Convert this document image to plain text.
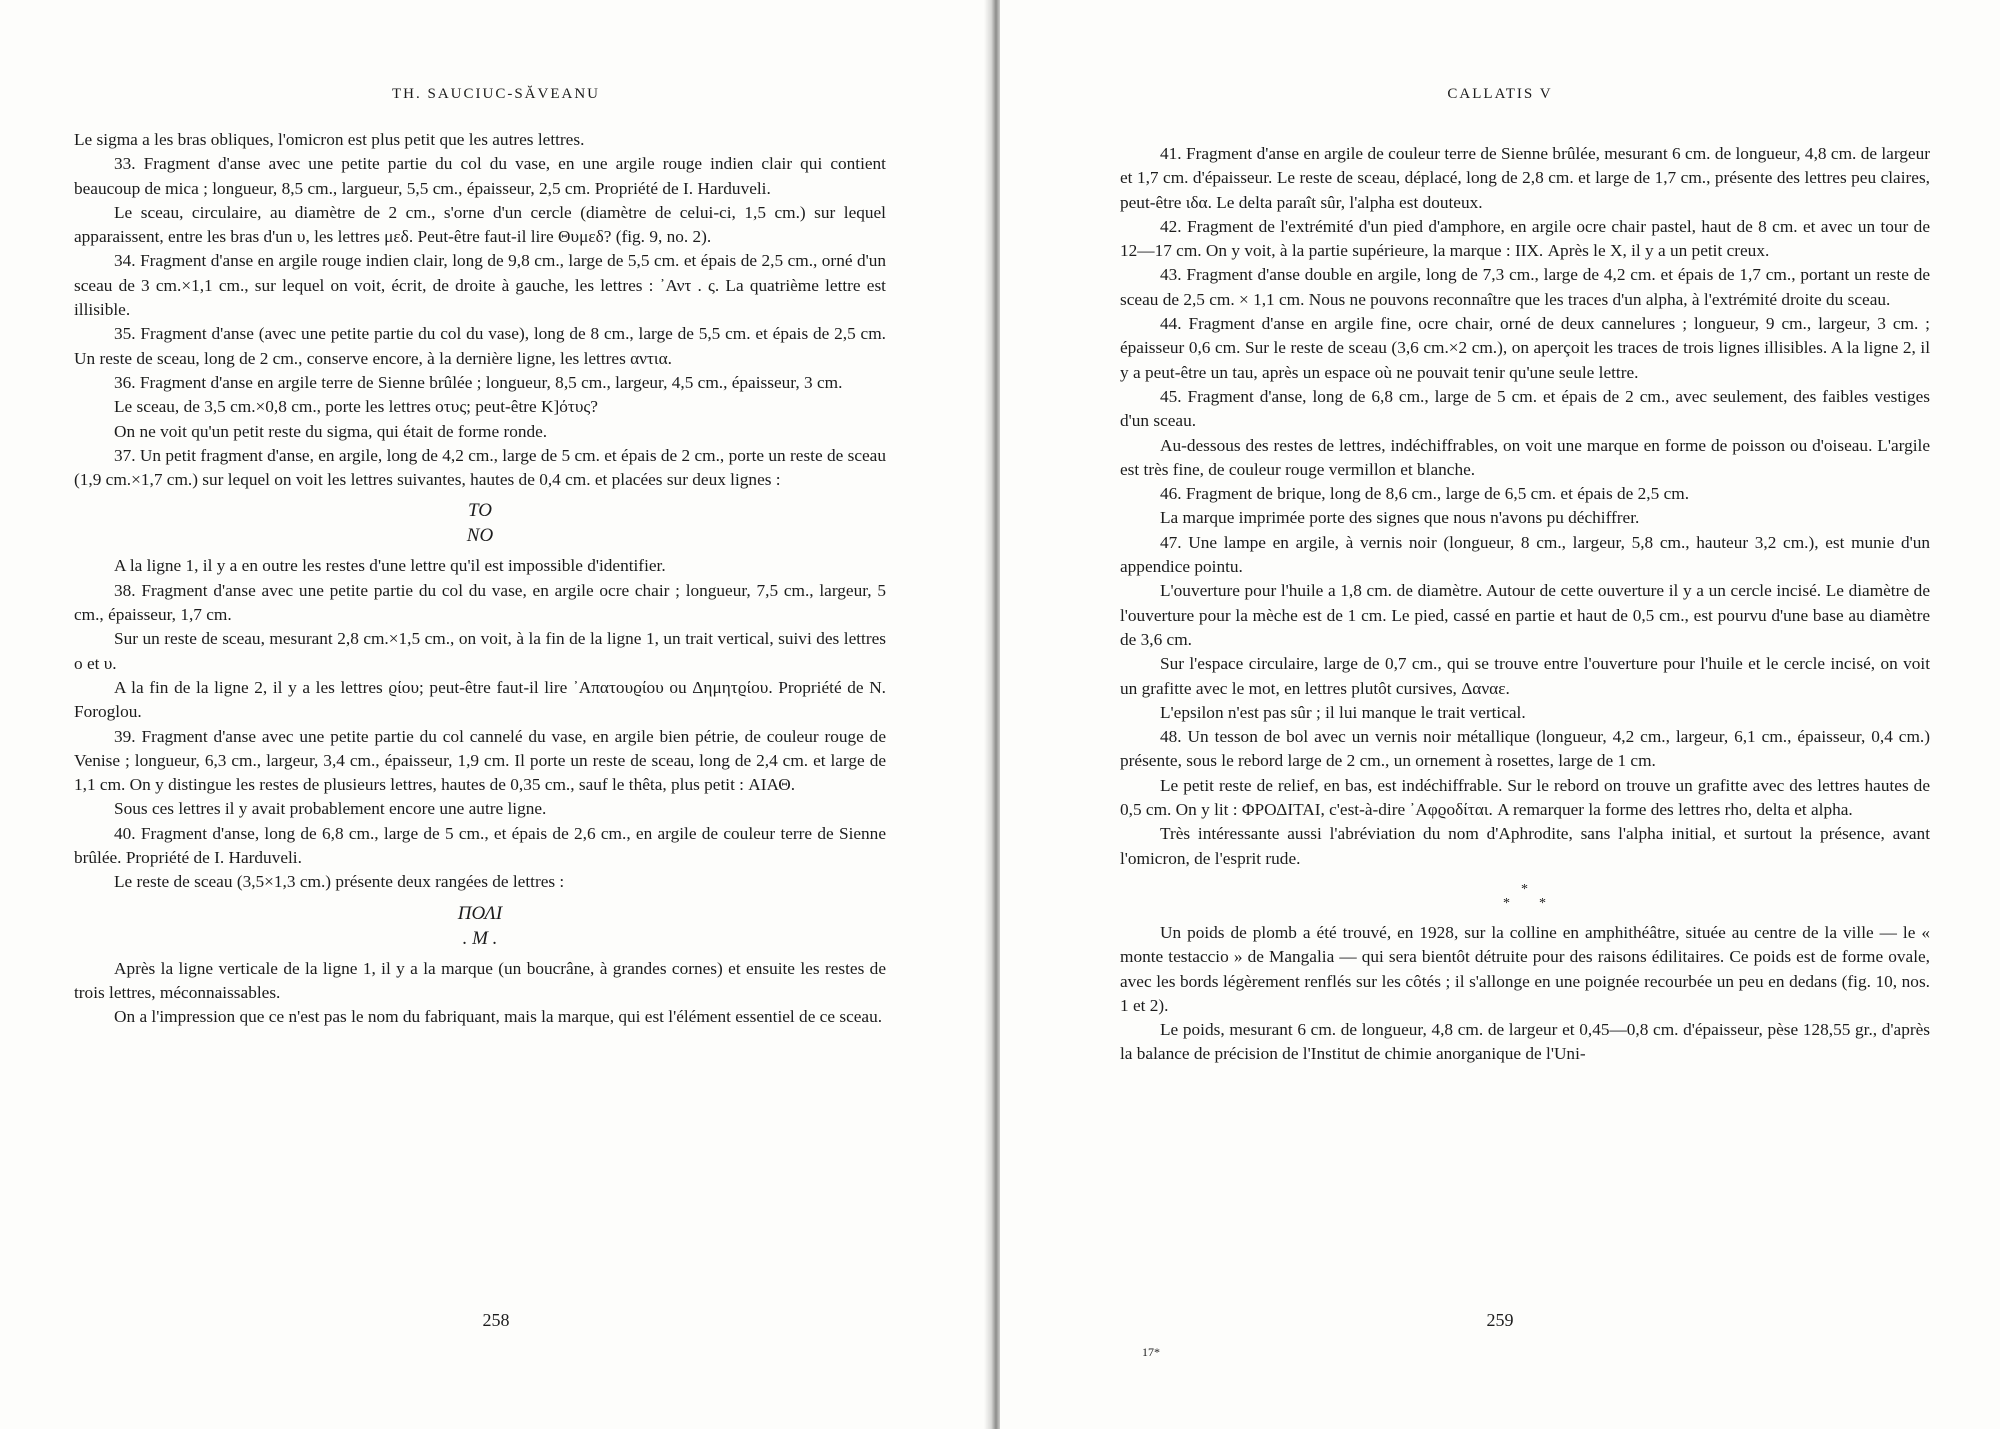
TH. SAUCIUC-SĂVEANU

Le sigma a les bras obliques, l'omicron est plus petit que les autres lettres.

33. Fragment d'anse avec une petite partie du col du vase, en une argile rouge indien clair qui contient beaucoup de mica ; longueur, 8,5 cm., largueur, 5,5 cm., épaisseur, 2,5 cm. Propriété de I. Harduveli.

Le sceau, circulaire, au diamètre de 2 cm., s'orne d'un cercle (diamètre de celui-ci, 1,5 cm.) sur lequel apparaissent, entre les bras d'un υ, les lettres μεδ. Peut-être faut-il lire Θυμεδ? (fig. 9, no. 2).

34. Fragment d'anse en argile rouge indien clair, long de 9,8 cm., large de 5,5 cm. et épais de 2,5 cm., orné d'un sceau de 3 cm.×1,1 cm., sur lequel on voit, écrit, de droite à gauche, les lettres : ᾽Αντ . ς. La quatrième lettre est illisible.

35. Fragment d'anse (avec une petite partie du col du vase), long de 8 cm., large de 5,5 cm. et épais de 2,5 cm. Un reste de sceau, long de 2 cm., conserve encore, à la dernière ligne, les lettres αντια.

36. Fragment d'anse en argile terre de Sienne brûlée ; longueur, 8,5 cm., largeur, 4,5 cm., épaisseur, 3 cm.

Le sceau, de 3,5 cm.×0,8 cm., porte les lettres οτυς; peut-être Κ]ότυς?

On ne voit qu'un petit reste du sigma, qui était de forme ronde.

37. Un petit fragment d'anse, en argile, long de 4,2 cm., large de 5 cm. et épais de 2 cm., porte un reste de sceau (1,9 cm.×1,7 cm.) sur lequel on voit les lettres suivantes, hautes de 0,4 cm. et placées sur deux lignes :

ΤΟ
ΝΟ

A la ligne 1, il y a en outre les restes d'une lettre qu'il est impossible d'identifier.

38. Fragment d'anse avec une petite partie du col du vase, en argile ocre chair ; longueur, 7,5 cm., largeur, 5 cm., épaisseur, 1,7 cm.

Sur un reste de sceau, mesurant 2,8 cm.×1,5 cm., on voit, à la fin de la ligne 1, un trait vertical, suivi des lettres ο et υ.

A la fin de la ligne 2, il y a les lettres ϱίου; peut-être faut-il lire ᾽Απατουϱίου ou Δημητϱίου. Propriété de N. Foroglou.

39. Fragment d'anse avec une petite partie du col cannelé du vase, en argile bien pétrie, de couleur rouge de Venise ; longueur, 6,3 cm., largeur, 3,4 cm., épaisseur, 1,9 cm. Il porte un reste de sceau, long de 2,4 cm. et large de 1,1 cm. On y distingue les restes de plusieurs lettres, hautes de 0,35 cm., sauf le thêta, plus petit : ΑΙΑΘ.

Sous ces lettres il y avait probablement encore une autre ligne.

40. Fragment d'anse, long de 6,8 cm., large de 5 cm., et épais de 2,6 cm., en argile de couleur terre de Sienne brûlée. Propriété de I. Harduveli.

Le reste de sceau (3,5×1,3 cm.) présente deux rangées de lettres :

ΠΟΛΙ
. Μ .

Après la ligne verticale de la ligne 1, il y a la marque (un boucrâne, à grandes cornes) et ensuite les restes de trois lettres, méconnaissables.

On a l'impression que ce n'est pas le nom du fabriquant, mais la marque, qui est l'élément essentiel de ce sceau.

258
CALLATIS V

41. Fragment d'anse en argile de couleur terre de Sienne brûlée, mesurant 6 cm. de longueur, 4,8 cm. de largeur et 1,7 cm. d'épaisseur. Le reste de sceau, déplacé, long de 2,8 cm. et large de 1,7 cm., présente des lettres peu claires, peut-être ιδα. Le delta paraît sûr, l'alpha est douteux.

42. Fragment de l'extrémité d'un pied d'amphore, en argile ocre chair pastel, haut de 8 cm. et avec un tour de 12—17 cm. On y voit, à la partie supérieure, la marque : ΙΙΧ. Après le Χ, il y a un petit creux.

43. Fragment d'anse double en argile, long de 7,3 cm., large de 4,2 cm. et épais de 1,7 cm., portant un reste de sceau de 2,5 cm. × 1,1 cm. Nous ne pouvons reconnaître que les traces d'un alpha, à l'extrémité droite du sceau.

44. Fragment d'anse en argile fine, ocre chair, orné de deux cannelures ; longueur, 9 cm., largeur, 3 cm. ; épaisseur 0,6 cm. Sur le reste de sceau (3,6 cm.×2 cm.), on aperçoit les traces de trois lignes illisibles. A la ligne 2, il y a peut-être un tau, après un espace où ne pouvait tenir qu'une seule lettre.

45. Fragment d'anse, long de 6,8 cm., large de 5 cm. et épais de 2 cm., avec seulement, des faibles vestiges d'un sceau.

Au-dessous des restes de lettres, indéchiffrables, on voit une marque en forme de poisson ou d'oiseau. L'argile est très fine, de couleur rouge vermillon et blanche.

46. Fragment de brique, long de 8,6 cm., large de 6,5 cm. et épais de 2,5 cm.

La marque imprimée porte des signes que nous n'avons pu déchiffrer.

47. Une lampe en argile, à vernis noir (longueur, 8 cm., largeur, 5,8 cm., hauteur 3,2 cm.), est munie d'un appendice pointu.

L'ouverture pour l'huile a 1,8 cm. de diamètre. Autour de cette ouverture il y a un cercle incisé. Le diamètre de l'ouverture pour la mèche est de 1 cm. Le pied, cassé en partie et haut de 0,5 cm., est pourvu d'une base au diamètre de 3,6 cm.

Sur l'espace circulaire, large de 0,7 cm., qui se trouve entre l'ouverture pour l'huile et le cercle incisé, on voit un grafitte avec le mot, en lettres plutôt cursives, Δαναε.

L'epsilon n'est pas sûr ; il lui manque le trait vertical.

48. Un tesson de bol avec un vernis noir métallique (longueur, 4,2 cm., largeur, 6,1 cm., épaisseur, 0,4 cm.) présente, sous le rebord large de 2 cm., un ornement à rosettes, large de 1 cm.

Le petit reste de relief, en bas, est indéchiffrable. Sur le rebord on trouve un grafitte avec des lettres hautes de 0,5 cm. On y lit : ΦΡΟΔΙΤΑΙ, c'est-à-dire ᾽Αφϱοδίται. A remarquer la forme des lettres rho, delta et alpha.

Très intéressante aussi l'abréviation du nom d'Aphrodite, sans l'alpha initial, et surtout la présence, avant l'omicron, de l'esprit rude.

*
* *

Un poids de plomb a été trouvé, en 1928, sur la colline en amphithéâtre, située au centre de la ville — le « monte testaccio » de Mangalia — qui sera bientôt détruite pour des raisons édilitaires. Ce poids est de forme ovale, avec les bords légèrement renflés sur les côtés ; il s'allonge en une poignée recourbée un peu en dedans (fig. 10, nos. 1 et 2).

Le poids, mesurant 6 cm. de longueur, 4,8 cm. de largeur et 0,45—0,8 cm. d'épaisseur, pèse 128,55 gr., d'après la balance de précision de l'Institut de chimie anorganique de l'Uni-

259
17*
